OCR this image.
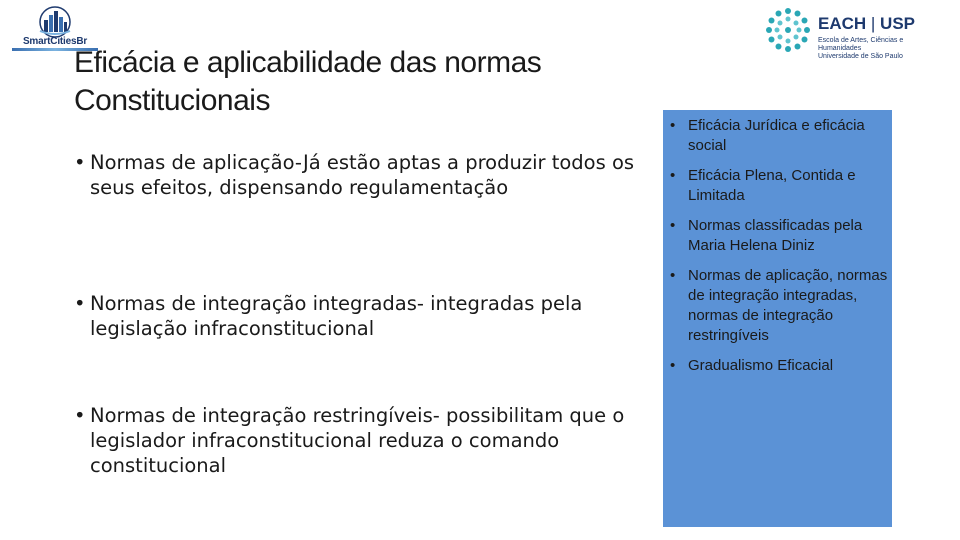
SmartCitiesBr
EACH | USP
Escola de Artes, Ciências e Humanidades
Universidade de São Paulo
Eficácia e aplicabilidade das normas Constitucionais
• Normas de aplicação-Já estão aptas a produzir todos os seus efeitos, dispensando regulamentação
• Normas de integração integradas- integradas pela legislação infraconstitucional
• Normas de integração restringíveis- possibilitam que o legislador infraconstitucional reduza o comando constitucional
• Eficácia Jurídica e eficácia social
• Eficácia Plena, Contida e Limitada
• Normas classificadas pela Maria Helena Diniz
• Normas de aplicação, normas de integração integradas, normas de integração restringíveis
• Gradualismo Eficacial
